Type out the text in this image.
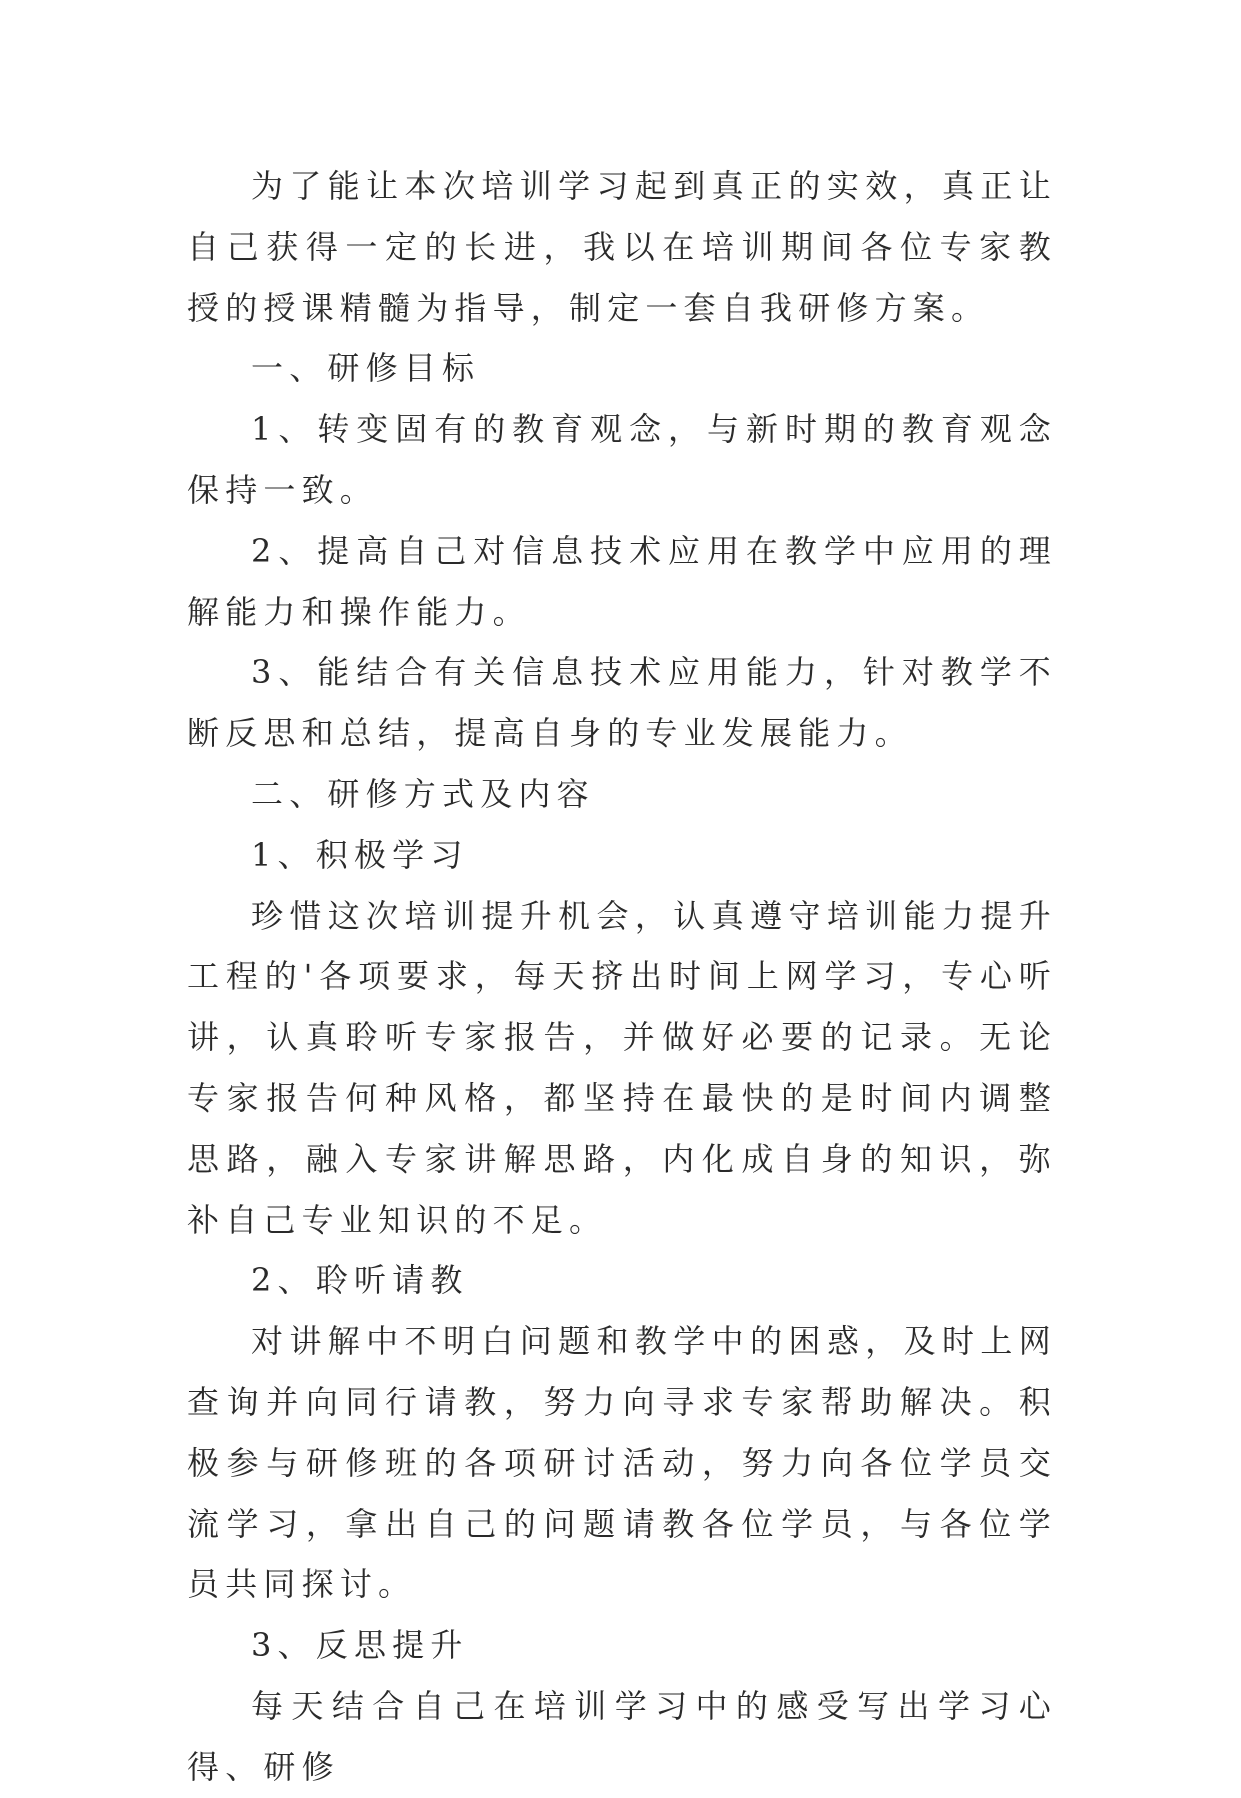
为了能让本次培训学习起到真正的实效，真正让自己获得一定的长进，我以在培训期间各位专家教授的授课精髓为指导，制定一套自我研修方案。

一、研修目标

1、转变固有的教育观念，与新时期的教育观念保持一致。

2、提高自己对信息技术应用在教学中应用的理解能力和操作能力。

3、能结合有关信息技术应用能力，针对教学不断反思和总结，提高自身的专业发展能力。

二、研修方式及内容

1、积极学习

珍惜这次培训提升机会，认真遵守培训能力提升工程的'各项要求，每天挤出时间上网学习，专心听讲，认真聆听专家报告，并做好必要的记录。无论专家报告何种风格，都坚持在最快的是时间内调整思路，融入专家讲解思路，内化成自身的知识，弥补自己专业知识的不足。

2、聆听请教

对讲解中不明白问题和教学中的困惑，及时上网查询并向同行请教，努力向寻求专家帮助解决。积极参与研修班的各项研讨活动，努力向各位学员交流学习，拿出自己的问题请教各位学员，与各位学员共同探讨。

3、反思提升

每天结合自己在培训学习中的感受写出学习心得、研修
